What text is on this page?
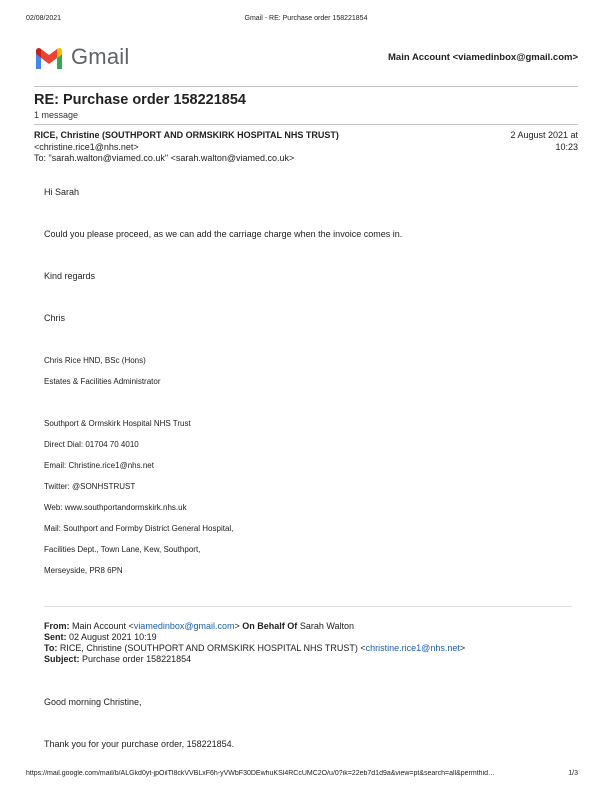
02/08/2021	Gmail - RE: Purchase order 158221854
Gmail	Main Account <viamedinbox@gmail.com>
RE: Purchase order 158221854
1 message
RICE, Christine (SOUTHPORT AND ORMSKIRK HOSPITAL NHS TRUST)	2 August 2021 at
10:23
<christine.rice1@nhs.net>
To: "sarah.walton@viamed.co.uk" <sarah.walton@viamed.co.uk>
Hi Sarah
Could you please proceed, as we can add the carriage charge when the invoice comes in.
Kind regards
Chris
Chris Rice HND, BSc (Hons)
Estates & Facilities Administrator
Southport & Ormskirk Hospital NHS Trust
Direct Dial: 01704 70 4010
Email: Christine.rice1@nhs.net
Twitter: @SONHSTRUST
Web: www.southportandormskirk.nhs.uk
Mail: Southport and Formby District General Hospital,
Facilities Dept., Town Lane, Kew, Southport,
Merseyside, PR8 6PN
From: Main Account <viamedinbox@gmail.com> On Behalf Of Sarah Walton
Sent: 02 August 2021 10:19
To: RICE, Christine (SOUTHPORT AND ORMSKIRK HOSPITAL NHS TRUST) <christine.rice1@nhs.net>
Subject: Purchase order 158221854
Good morning Christine,
Thank you for your purchase order, 158221854.
https://mail.google.com/mail/b/ALGkd0yt-jpOilTl8ckVVBLxF6h-yVWbF30DEwhuKSl4RCcUMC2O/u/0?ik=22eb7d1d9a&view=pt&search=all&permthid…	1/3
